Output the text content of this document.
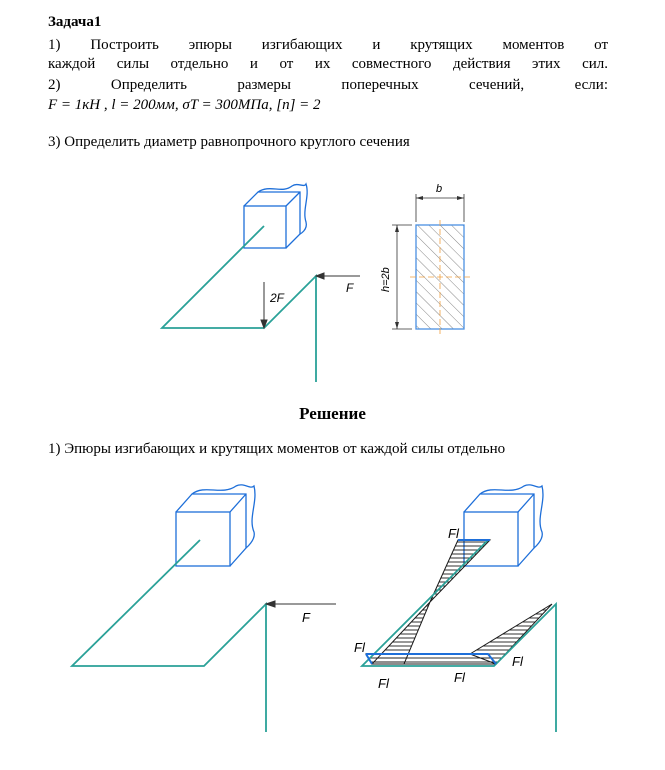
Задача1
1) Построить эпюры изгибающих и крутящих моментов от
каждой силы отдельно и от их совместного действия этих сил.
2) Определить размеры поперечных сечений, если:
F = 1кН , l = 200мм, σT = 300МПа, [n] = 2
3) Определить диаметр равнопрочного круглого сечения
2F
F
b
h=2b
Решение
1) Эпюры изгибающих и крутящих моментов от каждой силы отдельно
F
Fl
Fl
Fl	Fl
Fl
